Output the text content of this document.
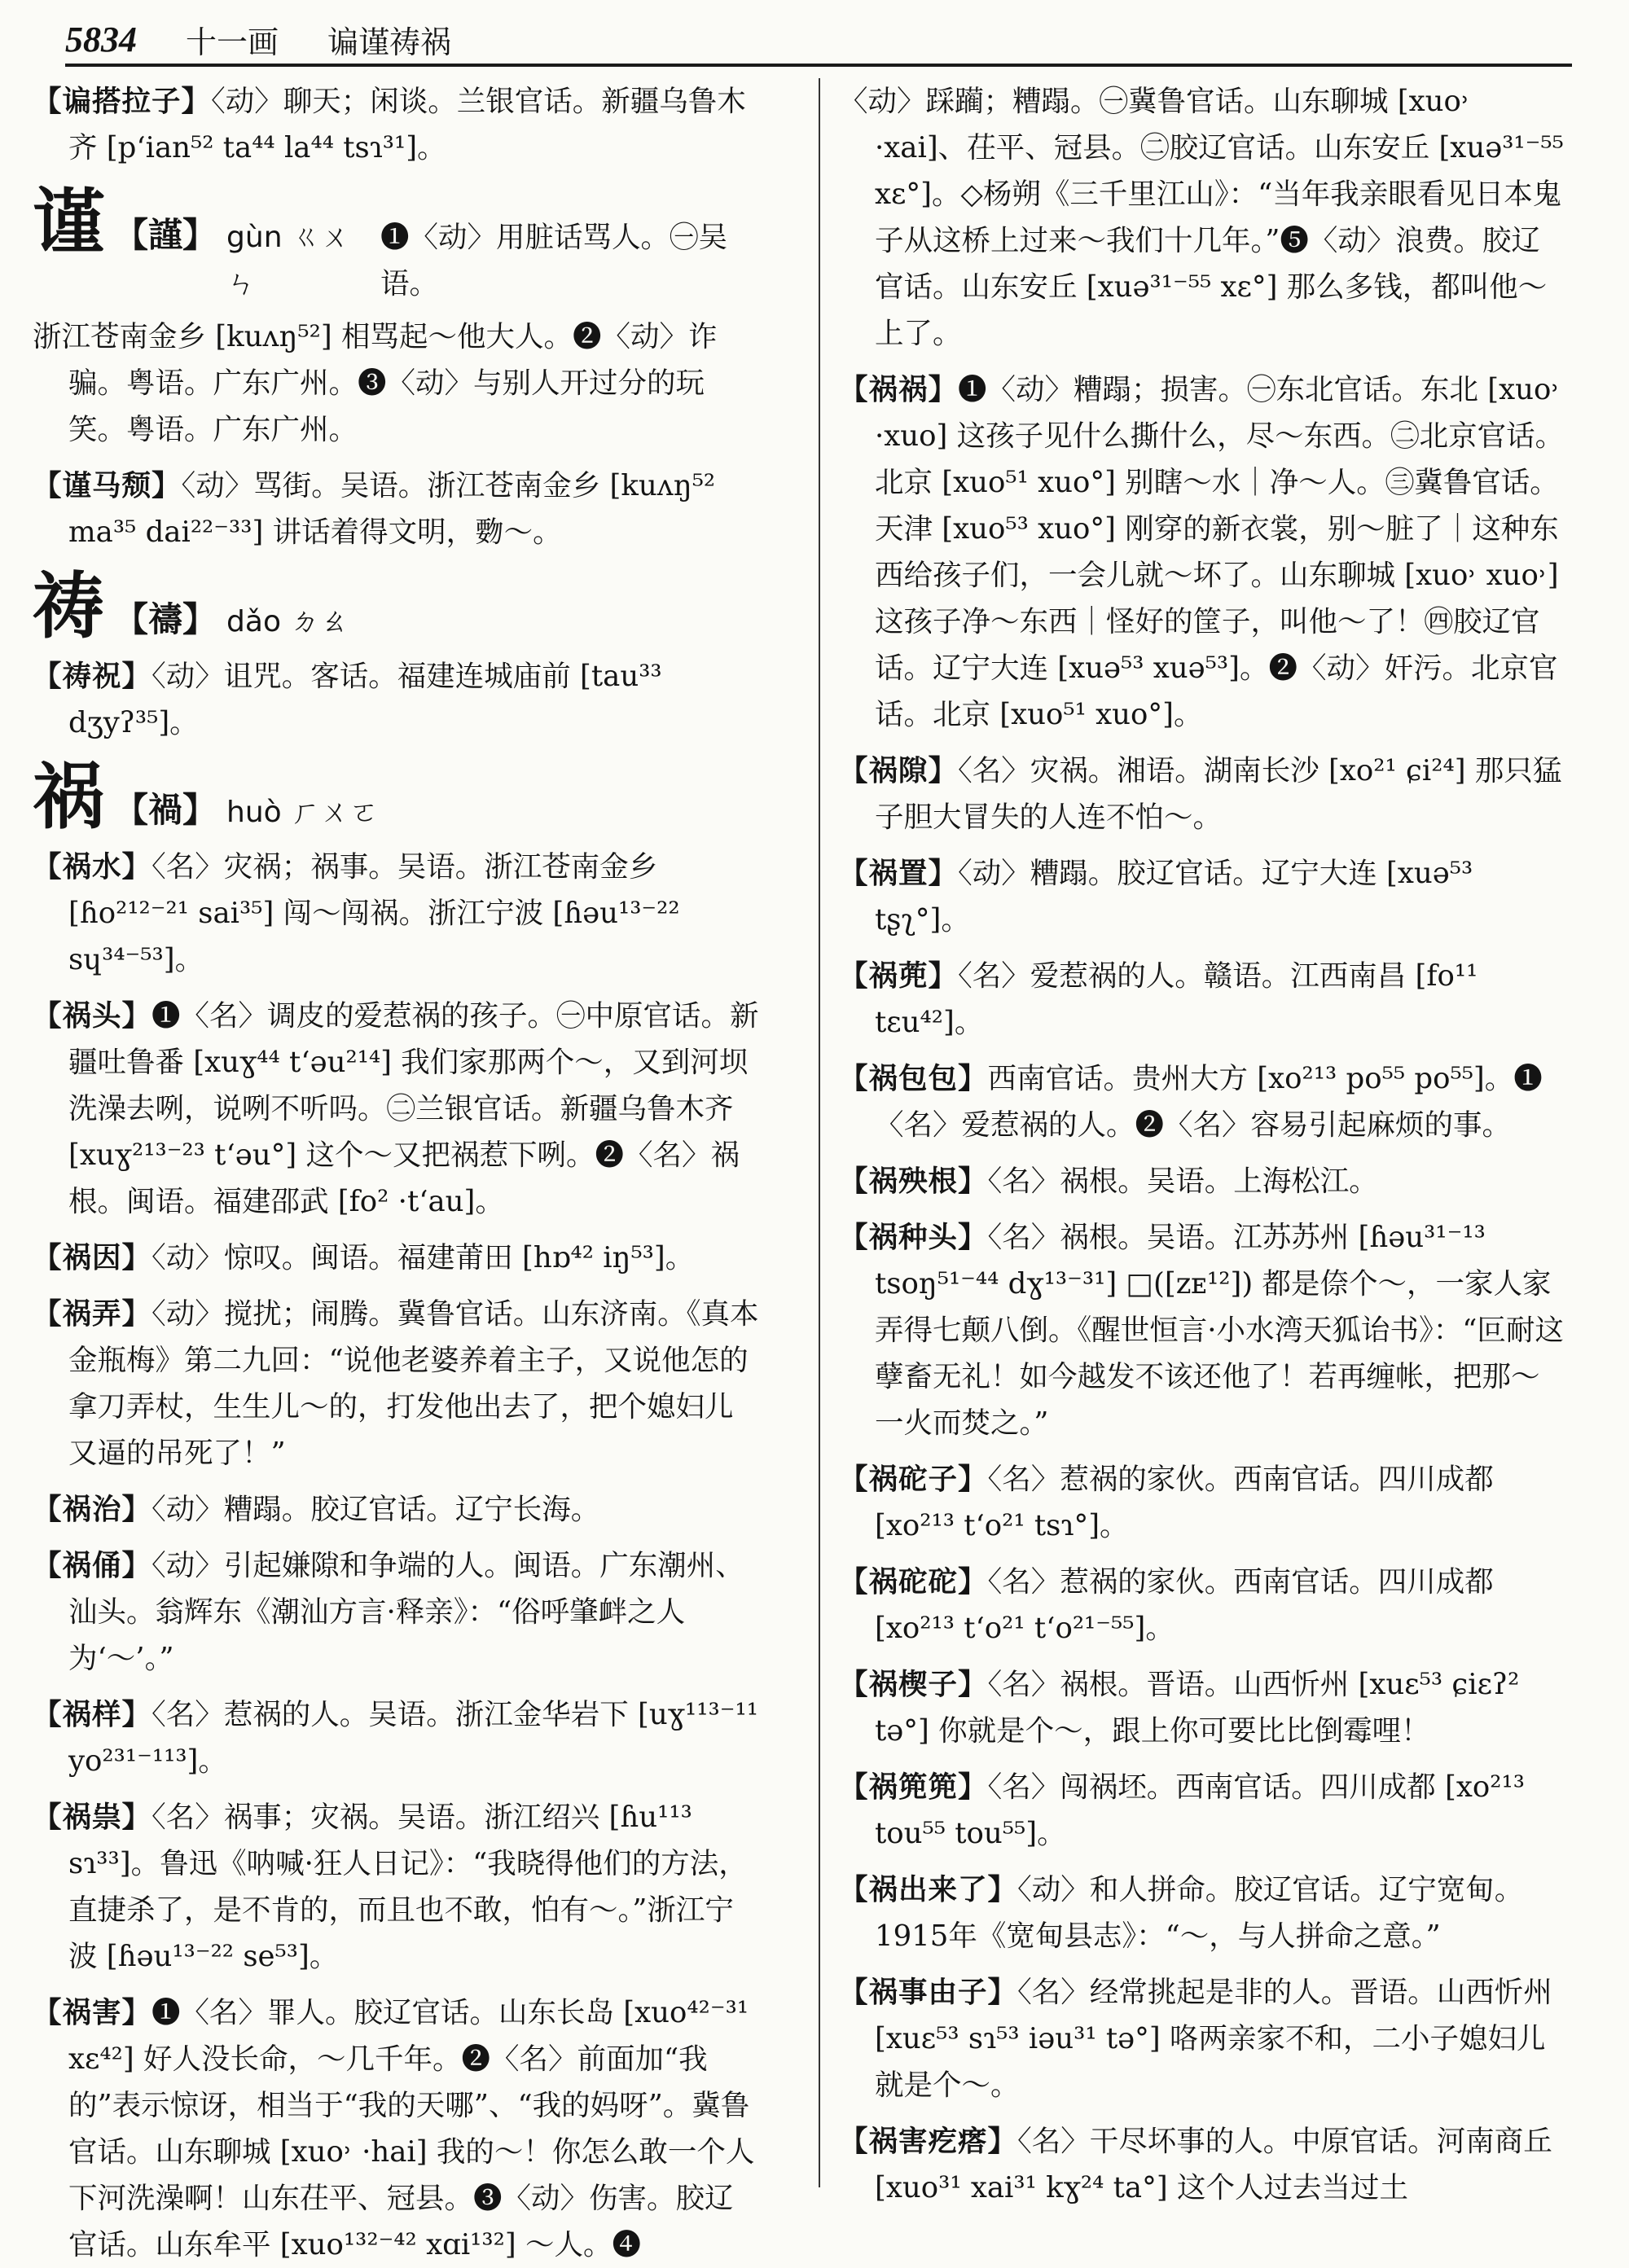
5834 十一画 谝谨祷祸
【谝搭拉子】〈动〉聊天；闲谈。兰银官话。新疆乌鲁木齐 [pʻian⁵² ta⁴⁴ la⁴⁴ tsɿ³¹]。
谨 【謹】 gùn ㄍㄨㄣ
❶〈动〉用脏话骂人。㊀吴语。
浙江苍南金乡 [kuʌŋ⁵²] 相骂起～他大人。❷〈动〉诈骗。粤语。广东广州。❸〈动〉与别人开过分的玩笑。粤语。广东广州。
【谨马颓】〈动〉骂街。吴语。浙江苍南金乡 [kuʌŋ⁵² ma³⁵ dai²²⁻³³] 讲话着得文明，覅～。
祷 【禱】 dǎo ㄉㄠ
【祷祝】〈动〉诅咒。客话。福建连城庙前 [tau³³ dʒyʔ³⁵]。
祸 【禍】 huò ㄏㄨㄛ
【祸水】〈名〉灾祸；祸事。吴语。浙江苍南金乡 [ɦo²¹²⁻²¹ sai³⁵] 闯～闯祸。浙江宁波 [ɦəu¹³⁻²² sɥ³⁴⁻⁵³]。
【祸头】❶〈名〉调皮的爱惹祸的孩子。㊀中原官话。新疆吐鲁番 [xuɣ⁴⁴ tʻəu²¹⁴] 我们家那两个～，又到河坝洗澡去咧，说咧不听吗。㊁兰银官话。新疆乌鲁木齐 [xuɣ²¹³⁻²³ tʻəu°] 这个～又把祸惹下咧。❷〈名〉祸根。闽语。福建邵武 [fo² ·tʻau]。
【祸因】〈动〉惊叹。闽语。福建莆田 [hɒ⁴² iŋ⁵³]。
【祸弄】〈动〉搅扰；闹腾。冀鲁官话。山东济南。《真本金瓶梅》第二九回：“说他老婆养着主子，又说他怎的拿刀弄杖，生生儿～的，打发他出去了，把个媳妇儿又逼的吊死了！”
【祸治】〈动〉糟蹋。胶辽官话。辽宁长海。
【祸俑】〈动〉引起嫌隙和争端的人。闽语。广东潮州、汕头。翁辉东《潮汕方言·释亲》：“俗呼肇衅之人为‘～’。”
【祸样】〈名〉惹祸的人。吴语。浙江金华岩下 [uɣ¹¹³⁻¹¹ yo²³¹⁻¹¹³]。
【祸祟】〈名〉祸事；灾祸。吴语。浙江绍兴 [ɦu¹¹³ sɿ³³]。鲁迅《呐喊·狂人日记》：“我晓得他们的方法，直捷杀了，是不肯的，而且也不敢，怕有～。”浙江宁波 [ɦəu¹³⁻²² se⁵³]。
【祸害】❶〈名〉罪人。胶辽官话。山东长岛 [xuo⁴²⁻³¹ xɛ⁴²] 好人没长命，～几千年。❷〈名〉前面加“我的”表示惊讶，相当于“我的天哪”、“我的妈呀”。冀鲁官话。山东聊城 [xuo˒ ·hai] 我的～！你怎么敢一个人下河洗澡啊！山东茌平、冠县。❸〈动〉伤害。胶辽官话。山东牟平 [xuo¹³²⁻⁴² xɑi¹³²] ～人。❹
〈动〉踩躏；糟蹋。㊀冀鲁官话。山东聊城 [xuo˒ ·xai]、茌平、冠县。㊁胶辽官话。山东安丘 [xuə³¹⁻⁵⁵ xɛ°]。◇杨朔《三千里江山》：“当年我亲眼看见日本鬼子从这桥上过来～我们十几年。”❺〈动〉浪费。胶辽官话。山东安丘 [xuə³¹⁻⁵⁵ xɛ°] 那么多钱，都叫他～上了。
【祸祸】❶〈动〉糟蹋；损害。㊀东北官话。东北 [xuo˒ ·xuo] 这孩子见什么撕什么，尽～东西。㊁北京官话。北京 [xuo⁵¹ xuo°] 别瞎～水｜净～人。㊂冀鲁官话。天津 [xuo⁵³ xuo°] 刚穿的新衣裳，别～脏了｜这种东西给孩子们，一会儿就～坏了。山东聊城 [xuo˒ xuo˒] 这孩子净～东西｜怪好的筐子，叫他～了！㊃胶辽官话。辽宁大连 [xuə⁵³ xuə⁵³]。❷〈动〉奸污。北京官话。北京 [xuo⁵¹ xuo°]。
【祸隙】〈名〉灾祸。湘语。湖南长沙 [xo²¹ ɕi²⁴] 那只猛子胆大冒失的人连不怕～。
【祸置】〈动〉糟蹋。胶辽官话。辽宁大连 [xuə⁵³ tʂʅ°]。
【祸蔸】〈名〉爱惹祸的人。赣语。江西南昌 [fo¹¹ tɛu⁴²]。
【祸包包】西南官话。贵州大方 [xo²¹³ po⁵⁵ po⁵⁵]。❶〈名〉爱惹祸的人。❷〈名〉容易引起麻烦的事。
【祸殃根】〈名〉祸根。吴语。上海松江。
【祸种头】〈名〉祸根。吴语。江苏苏州 [ɦəu³¹⁻¹³ tsoŋ⁵¹⁻⁴⁴ dɣ¹³⁻³¹] □([zᴇ¹²]) 都是倷个～，一家人家弄得七颠八倒。《醒世恒言·小水湾天狐诒书》：“叵耐这孽畜无礼！如今越发不该还他了！若再缠帐，把那～一火而焚之。”
【祸砣子】〈名〉惹祸的家伙。西南官话。四川成都 [xo²¹³ tʻo²¹ tsɿ°]。
【祸砣砣】〈名〉惹祸的家伙。西南官话。四川成都 [xo²¹³ tʻo²¹ tʻo²¹⁻⁵⁵]。
【祸楔子】〈名〉祸根。晋语。山西忻州 [xuɛ⁵³ ɕiɛʔ² tə°] 你就是个～，跟上你可要比比倒霉哩！
【祸篼篼】〈名〉闯祸坯。西南官话。四川成都 [xo²¹³ tou⁵⁵ tou⁵⁵]。
【祸出来了】〈动〉和人拼命。胶辽官话。辽宁宽甸。1915年《宽甸县志》：“～，与人拼命之意。”
【祸事由子】〈名〉经常挑起是非的人。晋语。山西忻州 [xuɛ⁵³ sɿ⁵³ iəu³¹ tə°] 咯两亲家不和，二小子媳妇儿就是个～。
【祸害疙瘩】〈名〉干尽坏事的人。中原官话。河南商丘 [xuo³¹ xai³¹ kɣ²⁴ ta°] 这个人过去当过土
